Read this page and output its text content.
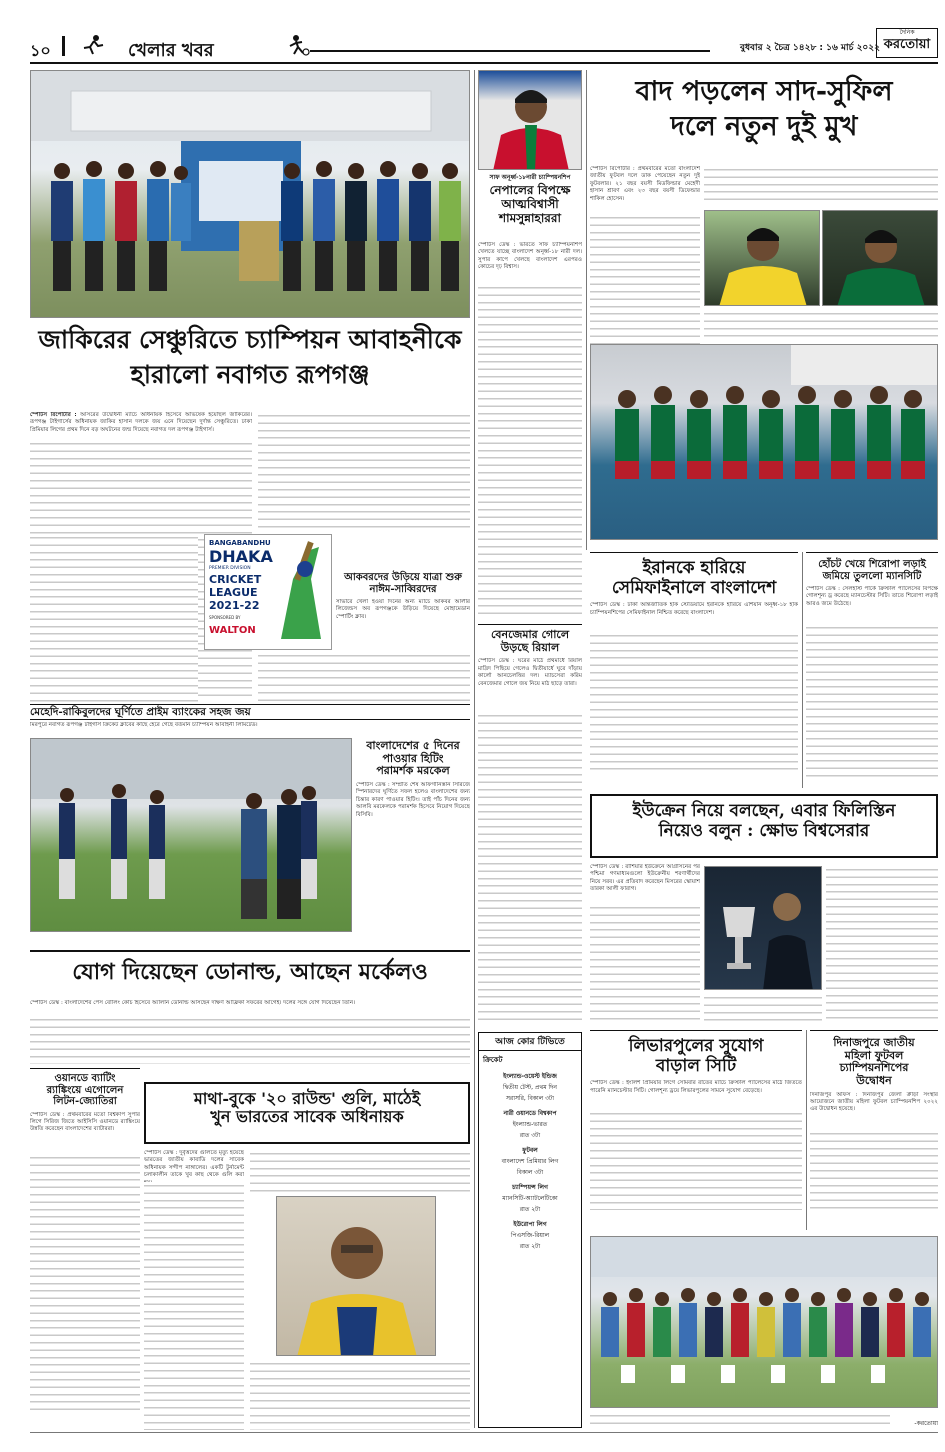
১০	খেলার খবর	বুধবার ২ চৈত্র ১৪২৮ : ১৬ মার্চ ২০২২
দৈনিক
করতোয়া
জাকিরের সেঞ্চুরিতে চ্যাম্পিয়ন আবাহনীকে
হারালো নবাগত রূপগঞ্জ
স্পোর্টস রিপোর্টার : আসরের উদ্বোধনী ম্যাচে অধিনায়ক হিসেবে অভিষেক হয়েছিল জাকিরের। রূপগঞ্জ টাইগার্সের অধিনায়ক জাকির হাসান দলকে জয় এনে দিয়েছেন দুর্দান্ত সেঞ্চুরিতে। ঢাকা প্রিমিয়ার লিগের প্রথম দিনে বড় অঘটনের জন্ম দিয়েছে নবাগত দল রূপগঞ্জ টাইগার্স।
BANGABANDHU
DHAKA
PREMIER DIVISION
CRICKET
LEAGUE
2021-22
SPONSORED BY
WALTON
আকবরদের উড়িয়ে যাত্রা শুরু
নাঈম-সাব্বিরদের
সাভারে খেলা হওয়া দিনের অন্য ম্যাচে আকবর আলীর লিজেন্ডস অব রূপগঞ্জকে উড়িয়ে দিয়েছে মোহামেডান স্পোর্টিং ক্লাব।
মেহেদি-রাকিবুলদের ঘূর্ণিতে প্রাইম ব্যাংকের সহজ জয়
মিরপুরে নবাগত রূপগঞ্জ টাইগার্স ক্রিকেট ক্লাবের কাছে হেরে গেছে বর্তমান চ্যাম্পিয়ন আবাহনী লিমিটেড।
বাংলাদেশের ৫ দিনের
পাওয়ার হিটিং
পরামর্শক মরকেল
স্পোর্টস ডেস্ক : সম্প্রতি শেষ আফগানিস্তান সিরিজে স্পিনারদের ঘূর্ণিতে সফল হলেও বাংলাদেশের জন্য চিন্তার কারণ পাওয়ার হিটিং। তাই পাঁচ দিনের জন্য আলবি মরকেলকে পরামর্শক হিসেবে নিয়োগ দিয়েছে বিসিবি।
যোগ দিয়েছেন ডোনাল্ড, আছেন মর্কেলও
স্পোর্টস ডেস্ক : বাংলাদেশের পেস বোলিং কোচ হিসেবে অ্যালান ডোনাল্ড আসছেন দক্ষিণ আফ্রিকা সফরের আগেই। দলের সঙ্গে যোগ দিয়েছেন তিনি।
ওয়ানডে ব্যাটিং
র‍্যাঙ্কিংয়ে এগোলেন
লিটন-জ্যোতিরা
স্পোর্টস ডেস্ক : প্রথমবারের মতো বিশ্বকাপ সুপার লিগে সিরিজ জিতে আইসিসি ওয়ানডে র‍্যাঙ্কিংয়ে উন্নতি করেছেন বাংলাদেশের ব্যাটাররা।
মাথা-বুকে '২০ রাউন্ড' গুলি, মাঠেই
খুন ভারতের সাবেক অধিনায়ক
স্পোর্টস ডেস্ক : দুর্বৃত্তদের গুলিতে মৃত্যু হয়েছে ভারতের জাতীয় কাবাডি দলের সাবেক অধিনায়ক সন্দীপ নাঙ্গালের। একটি টুর্নামেন্ট চলাকালীন তাকে খুব কাছ থেকে গুলি করা
সাফ অনূর্ধ্ব-১৮নারী চ্যাম্পিয়নশিপ
নেপালের বিপক্ষে আত্মবিশ্বাসী শামসুন্নাহাররা
স্পোর্টস ডেস্ক : ভারতে সাফ চ্যাম্পিয়নশিপ খেলতে যাচ্ছে বাংলাদেশ অনূর্ধ্ব-১৮ নারী দল। সুপার কাপে খেলছে বাংলাদেশ এরপরও কোচের দৃঢ় বিশ্বাস।
বেনজেমার গোলে
উড়ছে রিয়াল
স্পোর্টস ডেস্ক : ঘরের মাঠে প্রথমার্ধে রিয়াল মাদ্রিদ পিছিয়ে গেলেও দ্বিতীয়ার্ধে ঘুরে দাঁড়ায় কার্লো আনচেলত্তির দল। ম্যাচসেরা করিম বেনজেমার গোলে জয় নিয়ে মাঠ ছাড়ে তারা।
আজ কোর টিভিতে
ক্রিকেট
ইংল্যান্ড-ওয়েস্ট ইন্ডিজ
দ্বিতীয় টেস্ট, প্রথম দিন
সরাসরি, বিকাল ৩টা
নারী ওয়ানডে বিশ্বকাপ
ইংল্যান্ড-ভারত
রাত ৩টা
ফুটবল
বাংলাদেশ প্রিমিয়ার লিগ
বিকাল ৩টা
চ্যাম্পিয়ন্স লিগ
ম্যানসিটি-অ্যাটলেটিকো
রাত ২টা
ইউরোপা লিগ
পিএসজি-রিয়াল
রাত ২টা
বাদ পড়লেন সাদ-সুফিল
দলে নতুন দুই মুখ
স্পোর্টস রিপোর্টার : প্রথমবারের মতো বাংলাদেশ জাতীয় ফুটবল দলে ডাক পেয়েছেন নতুন দুই ফুটবলার। ২১ বছর বয়সী মিডফিল্ডার মেহেদী হাসান শ্রাবণ এবং ২৩ বছর বয়সী ডিফেন্ডার শাকিল হোসেন।
ইরানকে হারিয়ে
সেমিফাইনালে বাংলাদেশ
স্পোর্টস ডেস্ক : ঢাকা আন্তর্জাতিক হকি স্টেডিয়ামে ইরানকে হারিয়ে এশিয়ান অনূর্ধ্ব-১৮ হকি চ্যাম্পিয়নশিপের সেমিফাইনাল নিশ্চিত করেছে বাংলাদেশ।
হোঁচট খেয়ে শিরোপা লড়াই
জমিয়ে তুললো ম্যানসিটি
স্পোর্টস ডেস্ক : সেলহার্স্ট পার্কে ক্রিস্টাল প্যালেসের বিপক্ষে গোলশূন্য ড্র করেছে ম্যানচেস্টার সিটি। তাতে শিরোপা লড়াই আরও জমে উঠেছে।
ইউক্রেন নিয়ে বলছেন, এবার ফিলিস্তিন
নিয়েও বলুন : ক্ষোভ বিশ্বসেরার
স্পোর্টস ডেস্ক : রাশিয়ার ইউক্রেনে আগ্রাসনের পর পশ্চিমা গণমাধ্যমগুলো ইউক্রেনীয় শরণার্থীদের নিয়ে সরব। এর প্রতিবাদ করেছেন মিসরের স্কোয়াশ তারকা আলী ফারাগ।
লিভারপুলের সুযোগ
বাড়াল সিটি
স্পোর্টস ডেস্ক : ইংলিশ প্রিমিয়ার লিগে সোমবার রাতের ম্যাচে ক্রিস্টাল প্যালেসের মাঠে জিততে পারেনি ম্যানচেস্টার সিটি। গোলশূন্য ড্রয়ে লিভারপুলের সামনে সুযোগ বেড়েছে।
দিনাজপুরে জাতীয়
মহিলা ফুটবল
চ্যাম্পিয়নশিপের
উদ্বোধন
দিনাজপুর অফিস : দিনাজপুর জেলা ক্রীড়া সংস্থার আয়োজনে জাতীয় মহিলা ফুটবল চ্যাম্পিয়নশিপ ২০২২ এর উদ্বোধন হয়েছে।
-করতোয়া
